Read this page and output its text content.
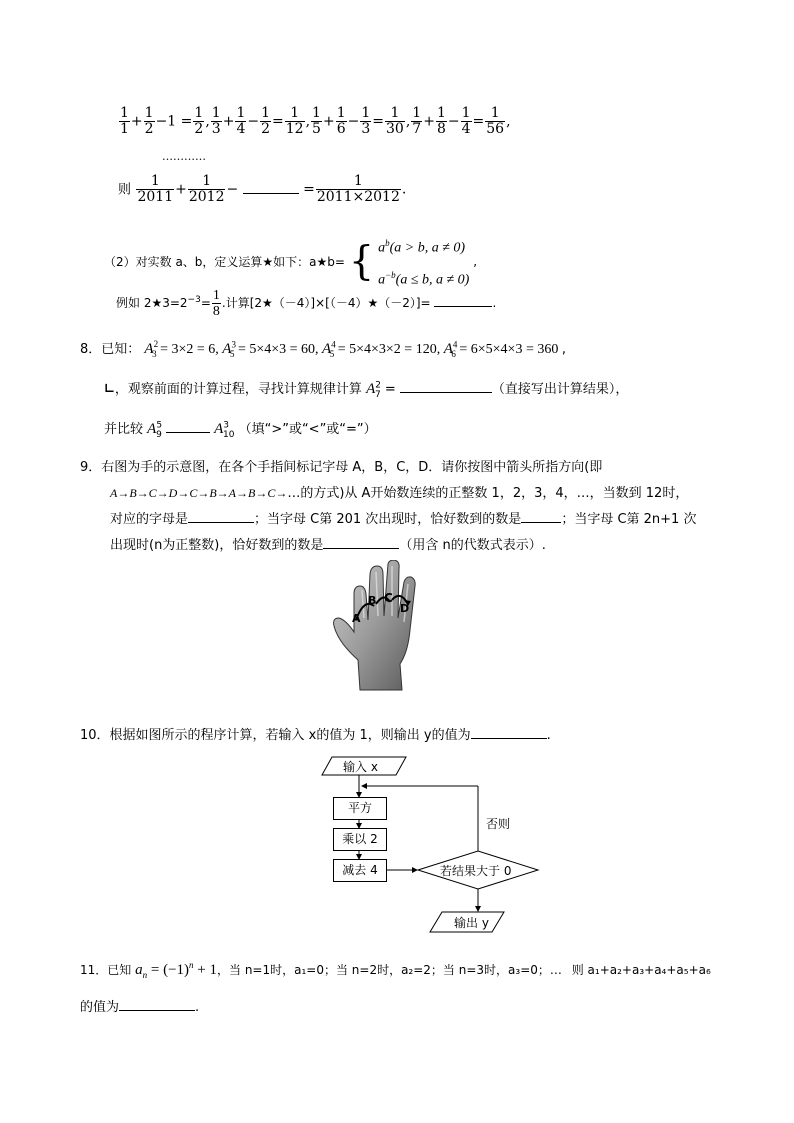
$\frac{1}{1} + \frac{1}{2} -1 = \frac{1}{2}$ , $\frac{1}{3} + \frac{1}{4} - \frac{1}{2} = \frac{1}{12}$ , $\frac{1}{5} + \frac{1}{6} - \frac{1}{3} = \frac{1}{30}$ , $\frac{1}{7} + \frac{1}{8} - \frac{1}{4} = \frac{1}{56}$ ,
…………
则 $\frac{1}{2011} + \frac{1}{2012}$ −	= $\frac{1}{2011\times 2012}$ .
（2）对实数 a、b，定义运算★如下：a★b= { $a^b(a > b$, a ≠ 0)
$a^{-b}(a \le b$, a ≠ 0)
,
例如 $2★3=2^{-3}= \frac{1}{8}$ .计算[2★（－4）]×[（－4）★（－2）]=	.
8．已知： $A^2_3 = 3\times 2 = 6$, $A^3_5 = 5\times 4\times 3 = 60$, $A^4_5 = 5\times 4\times 3\times 2 = 120$, $A^4_6 = 6\times 5\times 4\times 3 = 360$ ,
∟，观察前面的计算过程，寻找计算规律计算 $A^2_7$ =	（直接写出计算结果），
并比较 $A^5_9$	$A^3_{10}$ （填“>”或“<”或“=”）
9．右图为手的示意图，在各个手指间标记字母 A，B，C，D．请你按图中箭头所指方向(即
A→B→C→D→C→B→A→B→C→…的方式)从 A开始数连续的正整数 1，2，3，4，…，当数到 12时，
对应的字母是	；当字母 C第 201 次出现时，恰好数到的数是	；当字母 C第 2n+1 次
出现时(n为正整数)，恰好数到的数是	（用含 n的代数式表示）.
A
B C
D
10．根据如图所示的程序计算，若输入 x的值为 1，则输出 y的值为	.
输入 x
平方
乘以 2
减去 4	若结果大于 0
否则
输出 y
11．已知 $a_n = (-1)^n + 1$，当 n=1时，a₁=0；当 n=2时，a₂=2；当 n=3时，a₃=0；… 则 a₁+a₂+a₃+a₄+a₅+a₆
的值为	.
